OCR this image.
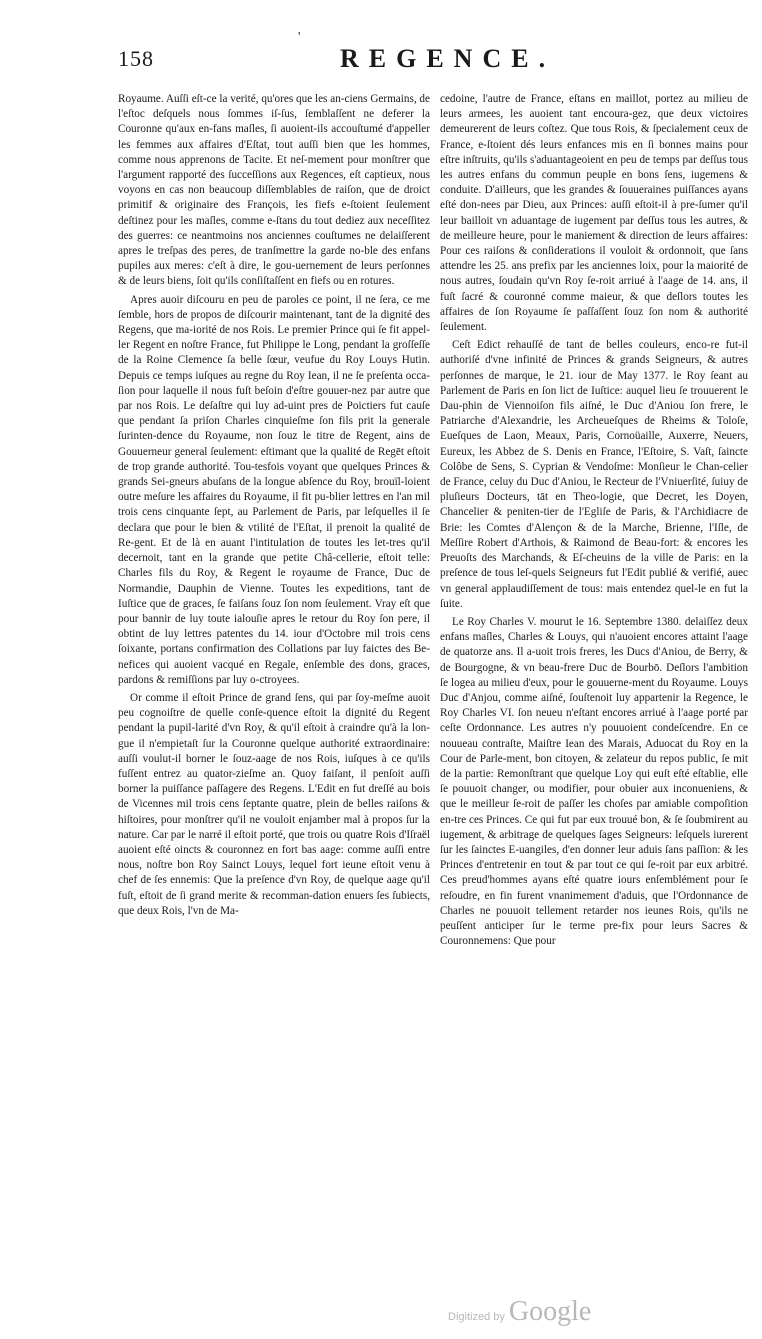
'
158	REGENCE.

Royaume. Auſſi eſt-ce la verité, qu'ores que les an-ciens Germains, de l'eſtoc deſquels nous ſommes iſ-ſus, ſemblaſſent ne deferer la Couronne qu'aux en-fans maſles, ſi auoient-ils accouſtumé d'appeller les femmes aux affaires d'Eſtat, tout auſſi bien que les hommes, comme nous apprenons de Tacite. Et neſ-mement pour monſtrer que l'argument rapporté des ſucceſſions aux Regences, eſt captieux, nous voyons en cas non beaucoup diſſemblables de raiſon, que de droict primitif & originaire des François, les fiefs e-ſtoient ſeulement deſtinez pour les maſles, comme e-ſtans du tout dediez aux neceſſitez des guerres: ce neantmoins nos anciennes couſtumes ne delaiſſerent apres le treſpas des peres, de tranſmettre la garde no-ble des enfans pupiles aux meres: c'eſt à dire, le gou-uernement de leurs perſonnes & de leurs biens, ſoit qu'ils conſiſtaſſent en fiefs ou en rotures.

Apres auoir diſcouru en peu de paroles ce point, il ne ſera, ce me ſemble, hors de propos de diſcourir maintenant, tant de la dignité des Regens, que ma-iorité de nos Rois. Le premier Prince qui ſe fit appel-ler Regent en noſtre France, fut Philippe le Long, pendant la groſſeſſe de la Roine Clemence ſa belle ſœur, veufue du Roy Louys Hutin. Depuis ce temps iuſques au regne du Roy Iean, il ne ſe preſenta occa-ſion pour laquelle il nous fuſt beſoin d'eſtre gouuer-nez par autre que par nos Rois. Le deſaſtre qui luy ad-uint pres de Poictiers fut cauſe que pendant ſa priſon Charles cinquieſme ſon fils prit la generale ſurinten-dence du Royaume, non ſouz le titre de Regent, ains de Gouuerneur general ſeulement: eſtimant que la qualité de Regēt eſtoit de trop grande authorité. Tou-tesfois voyant que quelques Princes & grands Sei-gneurs abuſans de la longue abſence du Roy, brouïl-loient outre meſure les affaires du Royaume, il fit pu-blier lettres en l'an mil trois cens cinquante ſept, au Parlement de Paris, par leſquelles il ſe declara que pour le bien & vtilité de l'Eſtat, il prenoit la qualité de Re-gent. Et de là en auant l'intitulation de toutes les let-tres qu'il decernoit, tant en la grande que petite Châ-cellerie, eſtoit telle: Charles fils du Roy, & Regent le royaume de France, Duc de Normandie, Dauphin de Vienne. Toutes les expeditions, tant de Iuſtice que de graces, ſe faiſans ſouz ſon nom ſeulement. Vray eſt que pour bannir de luy toute ialouſie apres le retour du Roy ſon pere, il obtint de luy lettres patentes du 14. iour d'Octobre mil trois cens ſoixante, portans confirmation des Collations par luy faictes des Be-nefices qui auoient vacqué en Regale, enſemble des dons, graces, pardons & remiſſions par luy o-ctroyees.

Or comme il eſtoit Prince de grand ſens, qui par ſoy-meſme auoit peu cognoiſtre de quelle conſe-quence eſtoit la dignité du Regent pendant la pupil-larité d'vn Roy, & qu'il eſtoit à craindre qu'à la lon-gue il n'empietaſt ſur la Couronne quelque authorité extraordinaire: auſſi voulut-il borner le ſouz-aage de nos Rois, iuſques à ce qu'ils fuſſent entrez au quator-zieſme an. Quoy faiſant, il penſoit auſſi borner la puiſſance paſſagere des Regens. L'Edit en fut dreſſé au bois de Vicennes mil trois cens ſeptante quatre, plein de belles raiſons & hiſtoires, pour monſtrer qu'il ne vouloit enjamber mal à propos ſur la nature. Car par le narré il eſtoit porté, que trois ou quatre Rois d'Iſraël auoient eſté oincts & couronnez en fort bas aage: comme auſſi entre nous, noſtre bon Roy Sainct Louys, lequel fort ieune eſtoit venu à chef de ſes ennemis: Que la preſence d'vn Roy, de quelque aage qu'il fuſt, eſtoit de ſi grand merite & recomman-dation enuers ſes ſubiects, que deux Rois, l'vn de Ma-

cedoine, l'autre de France, eſtans en maillot, portez au milieu de leurs armees, les auoient tant encoura-gez, que deux victoires demeurerent de leurs coſtez. Que tous Rois, & ſpecialement ceux de France, e-ſtoient dés leurs enfances mis en ſi bonnes mains pour eſtre inſtruits, qu'ils s'aduantageoient en peu de temps par deſſus tous les autres enfans du commun peuple en bons ſens, iugemens & conduite. D'ailleurs, que les grandes & ſouueraines puiſſances ayans eſté don-nees par Dieu, aux Princes: auſſi eſtoit-il à pre-ſumer qu'il leur bailloit vn aduantage de iugement par deſſus tous les autres, & de meilleure heure, pour le maniement & direction de leurs affaires: Pour ces raiſons & conſiderations il vouloit & ordonnoit, que ſans attendre les 25. ans prefix par les anciennes loix, pour la maiorité de nous autres, ſoudain qu'vn Roy ſe-roit arriué à l'aage de 14. ans, il fuſt ſacré & couronné comme maieur, & que deſlors toutes les affaires de ſon Royaume ſe paſſaſſent ſouz ſon nom & authorité ſeulement.

Ceſt Edict rehauſſé de tant de belles couleurs, enco-re fut-il authoriſé d'vne infinité de Princes & grands Seigneurs, & autres perſonnes de marque, le 21. iour de May 1377. le Roy ſeant au Parlement de Paris en ſon lict de Iuſtice: auquel lieu ſe trouuerent le Dau-phin de Viennoiſon fils aiſné, le Duc d'Aniou ſon frere, le Patriarche d'Alexandrie, les Archeueſques de Rheims & Toloſe, Eueſques de Laon, Meaux, Paris, Cornoüaille, Auxerre, Neuers, Eureux, les Abbez de S. Denis en France, l'Eſtoire, S. Vaſt, ſaincte Colôbe de Sens, S. Cyprian & Vendoſme: Monſieur le Chan-celier de France, celuy du Duc d'Aniou, le Recteur de l'Vniuerſité, ſuiuy de pluſieurs Docteurs, tāt en Theo-logie, que Decret, les Doyen, Chancelier & peniten-tier de l'Egliſe de Paris, & l'Archidiacre de Brie: les Comtes d'Alençon & de la Marche, Brienne, l'Iſle, de Meſſire Robert d'Arthois, & Raimond de Beau-fort: & encores les Preuoſts des Marchands, & Eſ-cheuins de la ville de Paris: en la preſence de tous leſ-quels Seigneurs fut l'Edit publié & verifié, auec vn general applaudiſſement de tous: mais entendez quel-le en fut la ſuite.

Le Roy Charles V. mourut le 16. Septembre 1380. delaiſſez deux enfans maſles, Charles & Louys, qui n'auoient encores attaint l'aage de quatorze ans. Il a-uoit trois freres, les Ducs d'Aniou, de Berry, & de Bourgogne, & vn beau-frere Duc de Bourbō. Deſlors l'ambition ſe logea au milieu d'eux, pour le gouuerne-ment du Royaume. Louys Duc d'Anjou, comme aiſné, ſouſtenoit luy appartenir la Regence, le Roy Charles VI. ſon neueu n'eſtant encores arriué à l'aage porté par ceſte Ordonnance. Les autres n'y pouuoient condeſcendre. En ce nouueau contraſte, Maiſtre Iean des Marais, Aduocat du Roy en la Cour de Parle-ment, bon citoyen, & zelateur du repos public, ſe mit de la partie: Remonſtrant que quelque Loy qui euſt eſté eſtablie, elle ſe pouuoit changer, ou modifier, pour obuier aux inconueniens, & que le meilleur ſe-roit de paſſer les choſes par amiable compoſition en-tre ces Princes. Ce qui fut par eux trouué bon, & ſe ſoubmirent au iugement, & arbitrage de quelques ſages Seigneurs: leſquels iurerent ſur les ſainctes E-uangiles, d'en donner leur aduis ſans paſſion: & les Princes d'entretenir en tout & par tout ce qui ſe-roit par eux arbitré. Ces preud'hommes ayans eſté quatre iours enſemblément pour ſe reſoudre, en fin furent vnanimement d'aduis, que l'Ordonnance de Charles ne pouuoit tellement retarder nos ieunes Rois, qu'ils ne peuſſent anticiper ſur le terme pre-fix pour leurs Sacres & Couronnemens: Que pour

Digitized by Google
